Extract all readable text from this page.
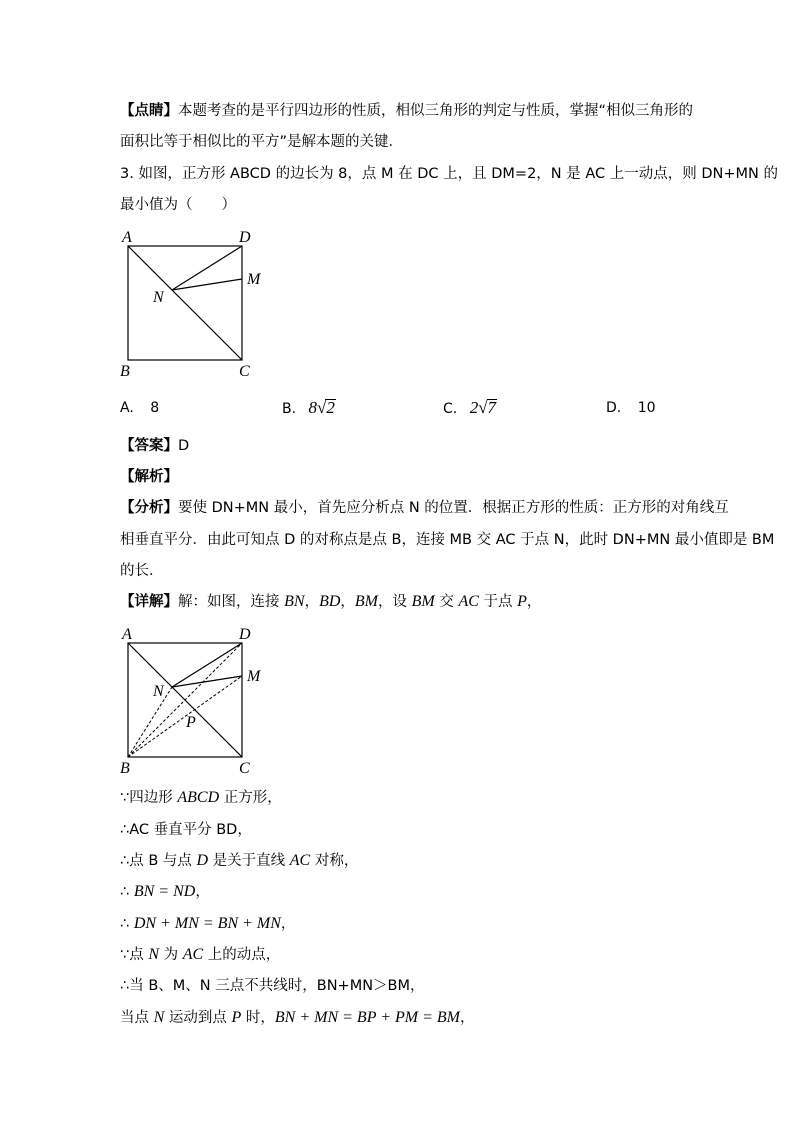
【点睛】本题考查的是平行四边形的性质，相似三角形的判定与性质，掌握“相似三角形的
面积比等于相似比的平方”是解本题的关键．
3. 如图，正方形 ABCD 的边长为 8，点 M 在 DC 上，且 DM=2，N 是 AC 上一动点，则 DN+MN 的
最小值为（　　）
A	D
M
N
B	C
A. 8	B. 8√2	C. 2√7	D. 10
【答案】D
【解析】
【分析】要使 DN+MN 最小，首先应分析点 N 的位置．根据正方形的性质：正方形的对角线互
相垂直平分．由此可知点 D 的对称点是点 B，连接 MB 交 AC 于点 N，此时 DN+MN 最小值即是 BM
的长．
【详解】解：如图，连接 BN，BD，BM，设 BM 交 AC 于点 P，
A	D
M
N
P
B	C
∵四边形 ABCD 正方形，
∴AC 垂直平分 BD，
∴点 B 与点 D 是关于直线 AC 对称，
∴ BN = ND，
∴ DN + MN = BN + MN，
∵点 N 为 AC 上的动点，
∴当 B、M、N 三点不共线时，BN+MN＞BM，
当点 N 运动到点 P 时，BN + MN = BP + PM = BM，
